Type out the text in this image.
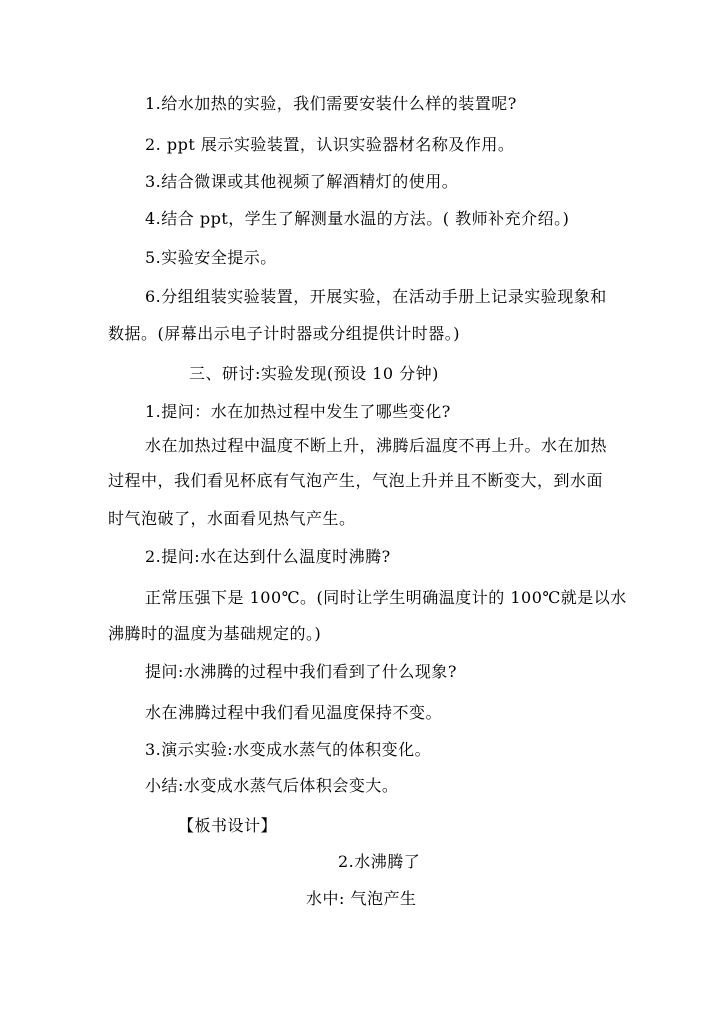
1.给水加热的实验，我们需要安装什么样的装置呢?
2. ppt 展示实验装置，认识实验器材名称及作用。
3.结合微课或其他视频了解酒精灯的使用。
4.结合 ppt，学生了解测量水温的方法。( 教师补充介绍。)
5.实验安全提示。
6.分组组装实验装置，开展实验，在活动手册上记录实验现象和
数据。(屏幕出示电子计时器或分组提供计时器。)
三、研讨:实验发现(预设 10 分钟)
1.提问：水在加热过程中发生了哪些变化?
水在加热过程中温度不断上升，沸腾后温度不再上升。水在加热
过程中，我们看见杯底有气泡产生，气泡上升并且不断变大，到水面
时气泡破了，水面看见热气产生。
2.提问:水在达到什么温度时沸腾?
正常压强下是 100℃。(同时让学生明确温度计的 100℃就是以水
沸腾时的温度为基础规定的。)
提问:水沸腾的过程中我们看到了什么现象?
水在沸腾过程中我们看见温度保持不变。
3.演示实验:水变成水蒸气的体积变化。
小结:水变成水蒸气后体积会变大。
【板书设计】
2.水沸腾了
水中: 气泡产生
